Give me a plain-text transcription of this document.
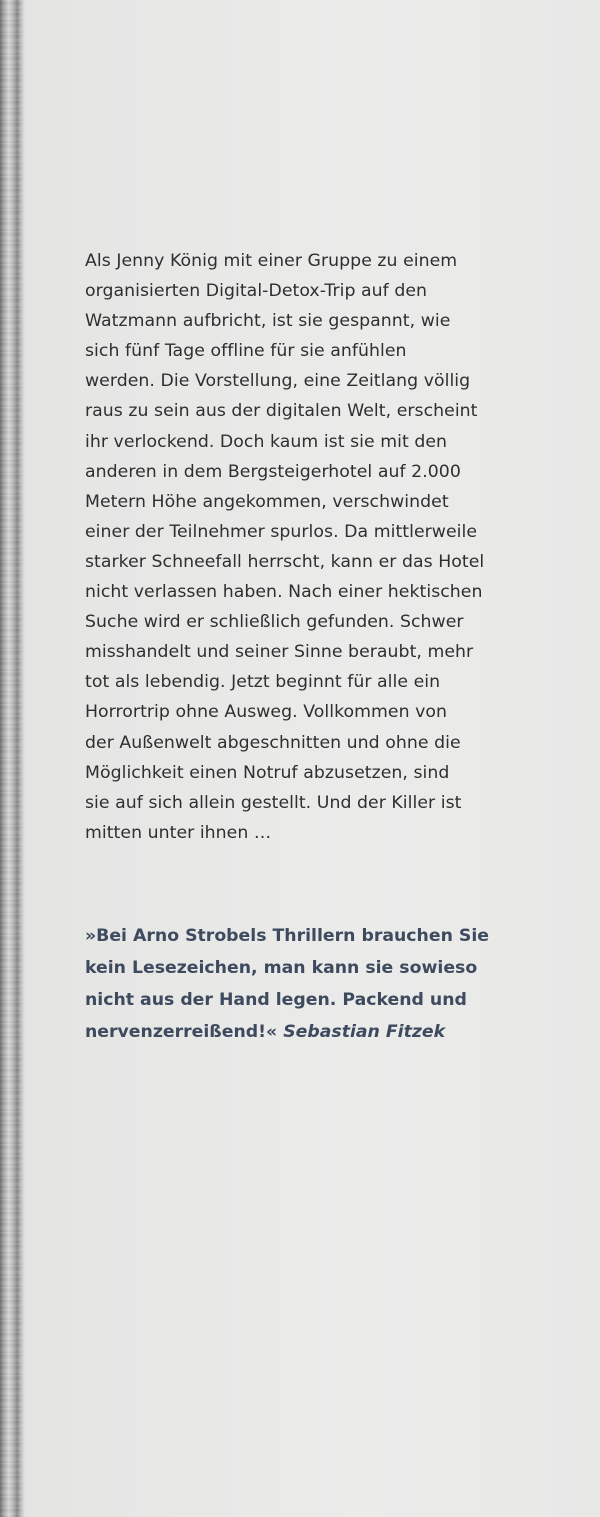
Als Jenny König mit einer Gruppe zu einem
organisierten Digital-Detox-Trip auf den
Watzmann aufbricht, ist sie gespannt, wie
sich fünf Tage offline für sie anfühlen
werden. Die Vorstellung, eine Zeitlang völlig
raus zu sein aus der digitalen Welt, erscheint
ihr verlockend. Doch kaum ist sie mit den
anderen in dem Bergsteigerhotel auf 2.000
Metern Höhe angekommen, verschwindet
einer der Teilnehmer spurlos. Da mittlerweile
starker Schneefall herrscht, kann er das Hotel
nicht verlassen haben. Nach einer hektischen
Suche wird er schließlich gefunden. Schwer
misshandelt und seiner Sinne beraubt, mehr
tot als lebendig. Jetzt beginnt für alle ein
Horrortrip ohne Ausweg. Vollkommen von
der Außenwelt abgeschnitten und ohne die
Möglichkeit einen Notruf abzusetzen, sind
sie auf sich allein gestellt. Und der Killer ist
mitten unter ihnen …

»Bei Arno Strobels Thrillern brauchen Sie
kein Lesezeichen, man kann sie sowieso
nicht aus der Hand legen. Packend und
nervenzerreißend!« Sebastian Fitzek
